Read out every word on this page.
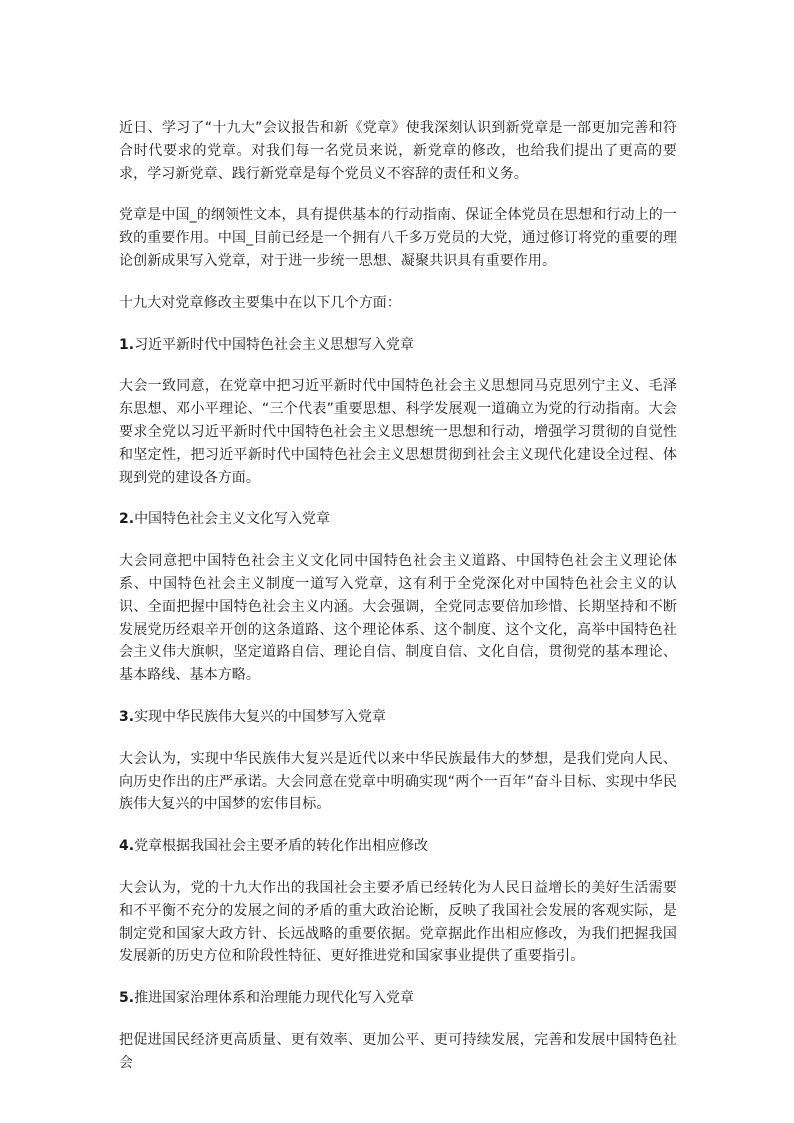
近日、学习了“十九大”会议报告和新《党章》使我深刻认识到新党章是一部更加完善和符合时代要求的党章。对我们每一名党员来说，新党章的修改，也给我们提出了更高的要求，学习新党章、践行新党章是每个党员义不容辞的责任和义务。

党章是中国_的纲领性文本，具有提供基本的行动指南、保证全体党员在思想和行动上的一致的重要作用。中国_目前已经是一个拥有八千多万党员的大党，通过修订将党的重要的理论创新成果写入党章，对于进一步统一思想、凝聚共识具有重要作用。

十九大对党章修改主要集中在以下几个方面：

1.习近平新时代中国特色社会主义思想写入党章

大会一致同意，在党章中把习近平新时代中国特色社会主义思想同马克思列宁主义、毛泽东思想、邓小平理论、“三个代表”重要思想、科学发展观一道确立为党的行动指南。大会要求全党以习近平新时代中国特色社会主义思想统一思想和行动，增强学习贯彻的自觉性和坚定性，把习近平新时代中国特色社会主义思想贯彻到社会主义现代化建设全过程、体现到党的建设各方面。

2.中国特色社会主义文化写入党章

大会同意把中国特色社会主义文化同中国特色社会主义道路、中国特色社会主义理论体系、中国特色社会主义制度一道写入党章，这有利于全党深化对中国特色社会主义的认识、全面把握中国特色社会主义内涵。大会强调，全党同志要倍加珍惜、长期坚持和不断发展党历经艰辛开创的这条道路、这个理论体系、这个制度、这个文化，高举中国特色社会主义伟大旗帜，坚定道路自信、理论自信、制度自信、文化自信，贯彻党的基本理论、基本路线、基本方略。

3.实现中华民族伟大复兴的中国梦写入党章

大会认为，实现中华民族伟大复兴是近代以来中华民族最伟大的梦想，是我们党向人民、向历史作出的庄严承诺。大会同意在党章中明确实现“两个一百年”奋斗目标、实现中华民族伟大复兴的中国梦的宏伟目标。

4.党章根据我国社会主要矛盾的转化作出相应修改

大会认为，党的十九大作出的我国社会主要矛盾已经转化为人民日益增长的美好生活需要和不平衡不充分的发展之间的矛盾的重大政治论断，反映了我国社会发展的客观实际，是制定党和国家大政方针、长远战略的重要依据。党章据此作出相应修改，为我们把握我国发展新的历史方位和阶段性特征、更好推进党和国家事业提供了重要指引。

5.推进国家治理体系和治理能力现代化写入党章

把促进国民经济更高质量、更有效率、更加公平、更可持续发展，完善和发展中国特色社会
